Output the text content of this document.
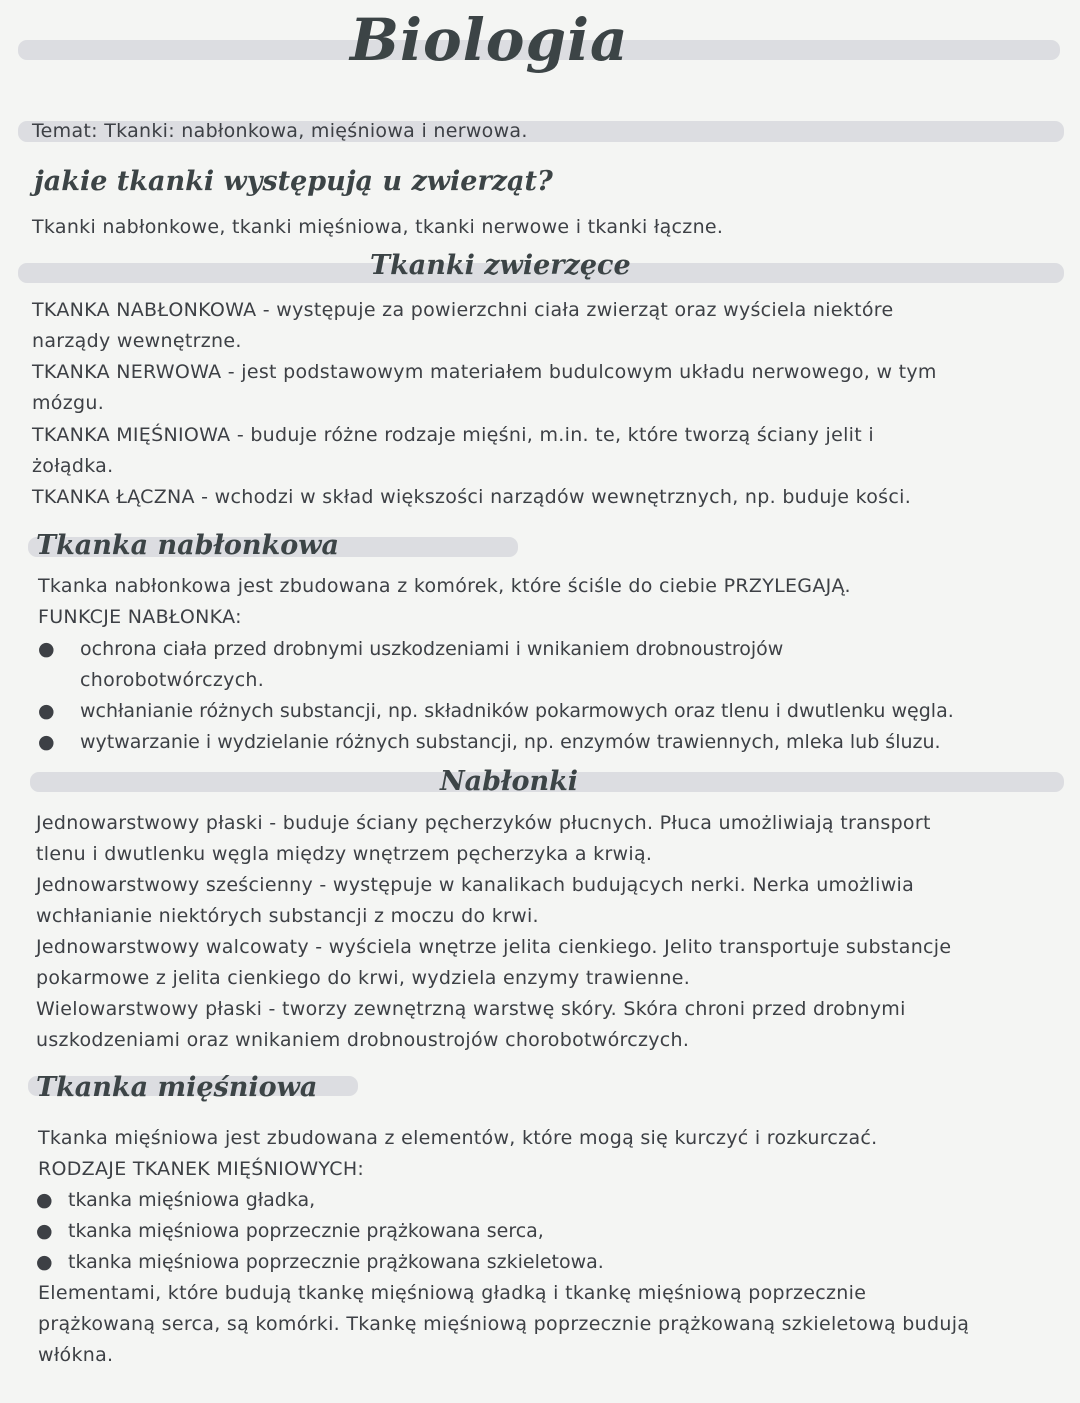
Biologia
Temat: Tkanki: nabłonkowa, mięśniowa i nerwowa.
jakie tkanki występują u zwierząt?
Tkanki nabłonkowe, tkanki mięśniowa, tkanki nerwowe i tkanki łączne.
Tkanki zwierzęce
TKANKA NABŁONKOWA - występuje za powierzchni ciała zwierząt oraz wyściela niektóre
narządy wewnętrzne.
TKANKA NERWOWA - jest podstawowym materiałem budulcowym układu nerwowego, w tym
mózgu.
TKANKA MIĘŚNIOWA - buduje różne rodzaje mięśni, m.in. te, które tworzą ściany jelit i
żołądka.
TKANKA ŁĄCZNA - wchodzi w skład większości narządów wewnętrznych, np. buduje kości.
Tkanka nabłonkowa
Tkanka nabłonkowa jest zbudowana z komórek, które ściśle do ciebie PRZYLEGAJĄ.
FUNKCJE NABŁONKA:
● ochrona ciała przed drobnymi uszkodzeniami i wnikaniem drobnoustrojów
chorobotwórczych.
● wchłanianie różnych substancji, np. składników pokarmowych oraz tlenu i dwutlenku węgla.
● wytwarzanie i wydzielanie różnych substancji, np. enzymów trawiennych, mleka lub śluzu.
Nabłonki
Jednowarstwowy płaski - buduje ściany pęcherzyków płucnych. Płuca umożliwiają transport
tlenu i dwutlenku węgla między wnętrzem pęcherzyka a krwią.
Jednowarstwowy sześcienny - występuje w kanalikach budujących nerki. Nerka umożliwia
wchłanianie niektórych substancji z moczu do krwi.
Jednowarstwowy walcowaty - wyściela wnętrze jelita cienkiego. Jelito transportuje substancje
pokarmowe z jelita cienkiego do krwi, wydziela enzymy trawienne.
Wielowarstwowy płaski - tworzy zewnętrzną warstwę skóry. Skóra chroni przed drobnymi
uszkodzeniami oraz wnikaniem drobnoustrojów chorobotwórczych.
Tkanka mięśniowa
Tkanka mięśniowa jest zbudowana z elementów, które mogą się kurczyć i rozkurczać.
RODZAJE TKANEK MIĘŚNIOWYCH:
● tkanka mięśniowa gładka,
● tkanka mięśniowa poprzecznie prążkowana serca,
● tkanka mięśniowa poprzecznie prążkowana szkieletowa.
Elementami, które budują tkankę mięśniową gładką i tkankę mięśniową poprzecznie
prążkowaną serca, są komórki. Tkankę mięśniową poprzecznie prążkowaną szkieletową budują
włókna.
